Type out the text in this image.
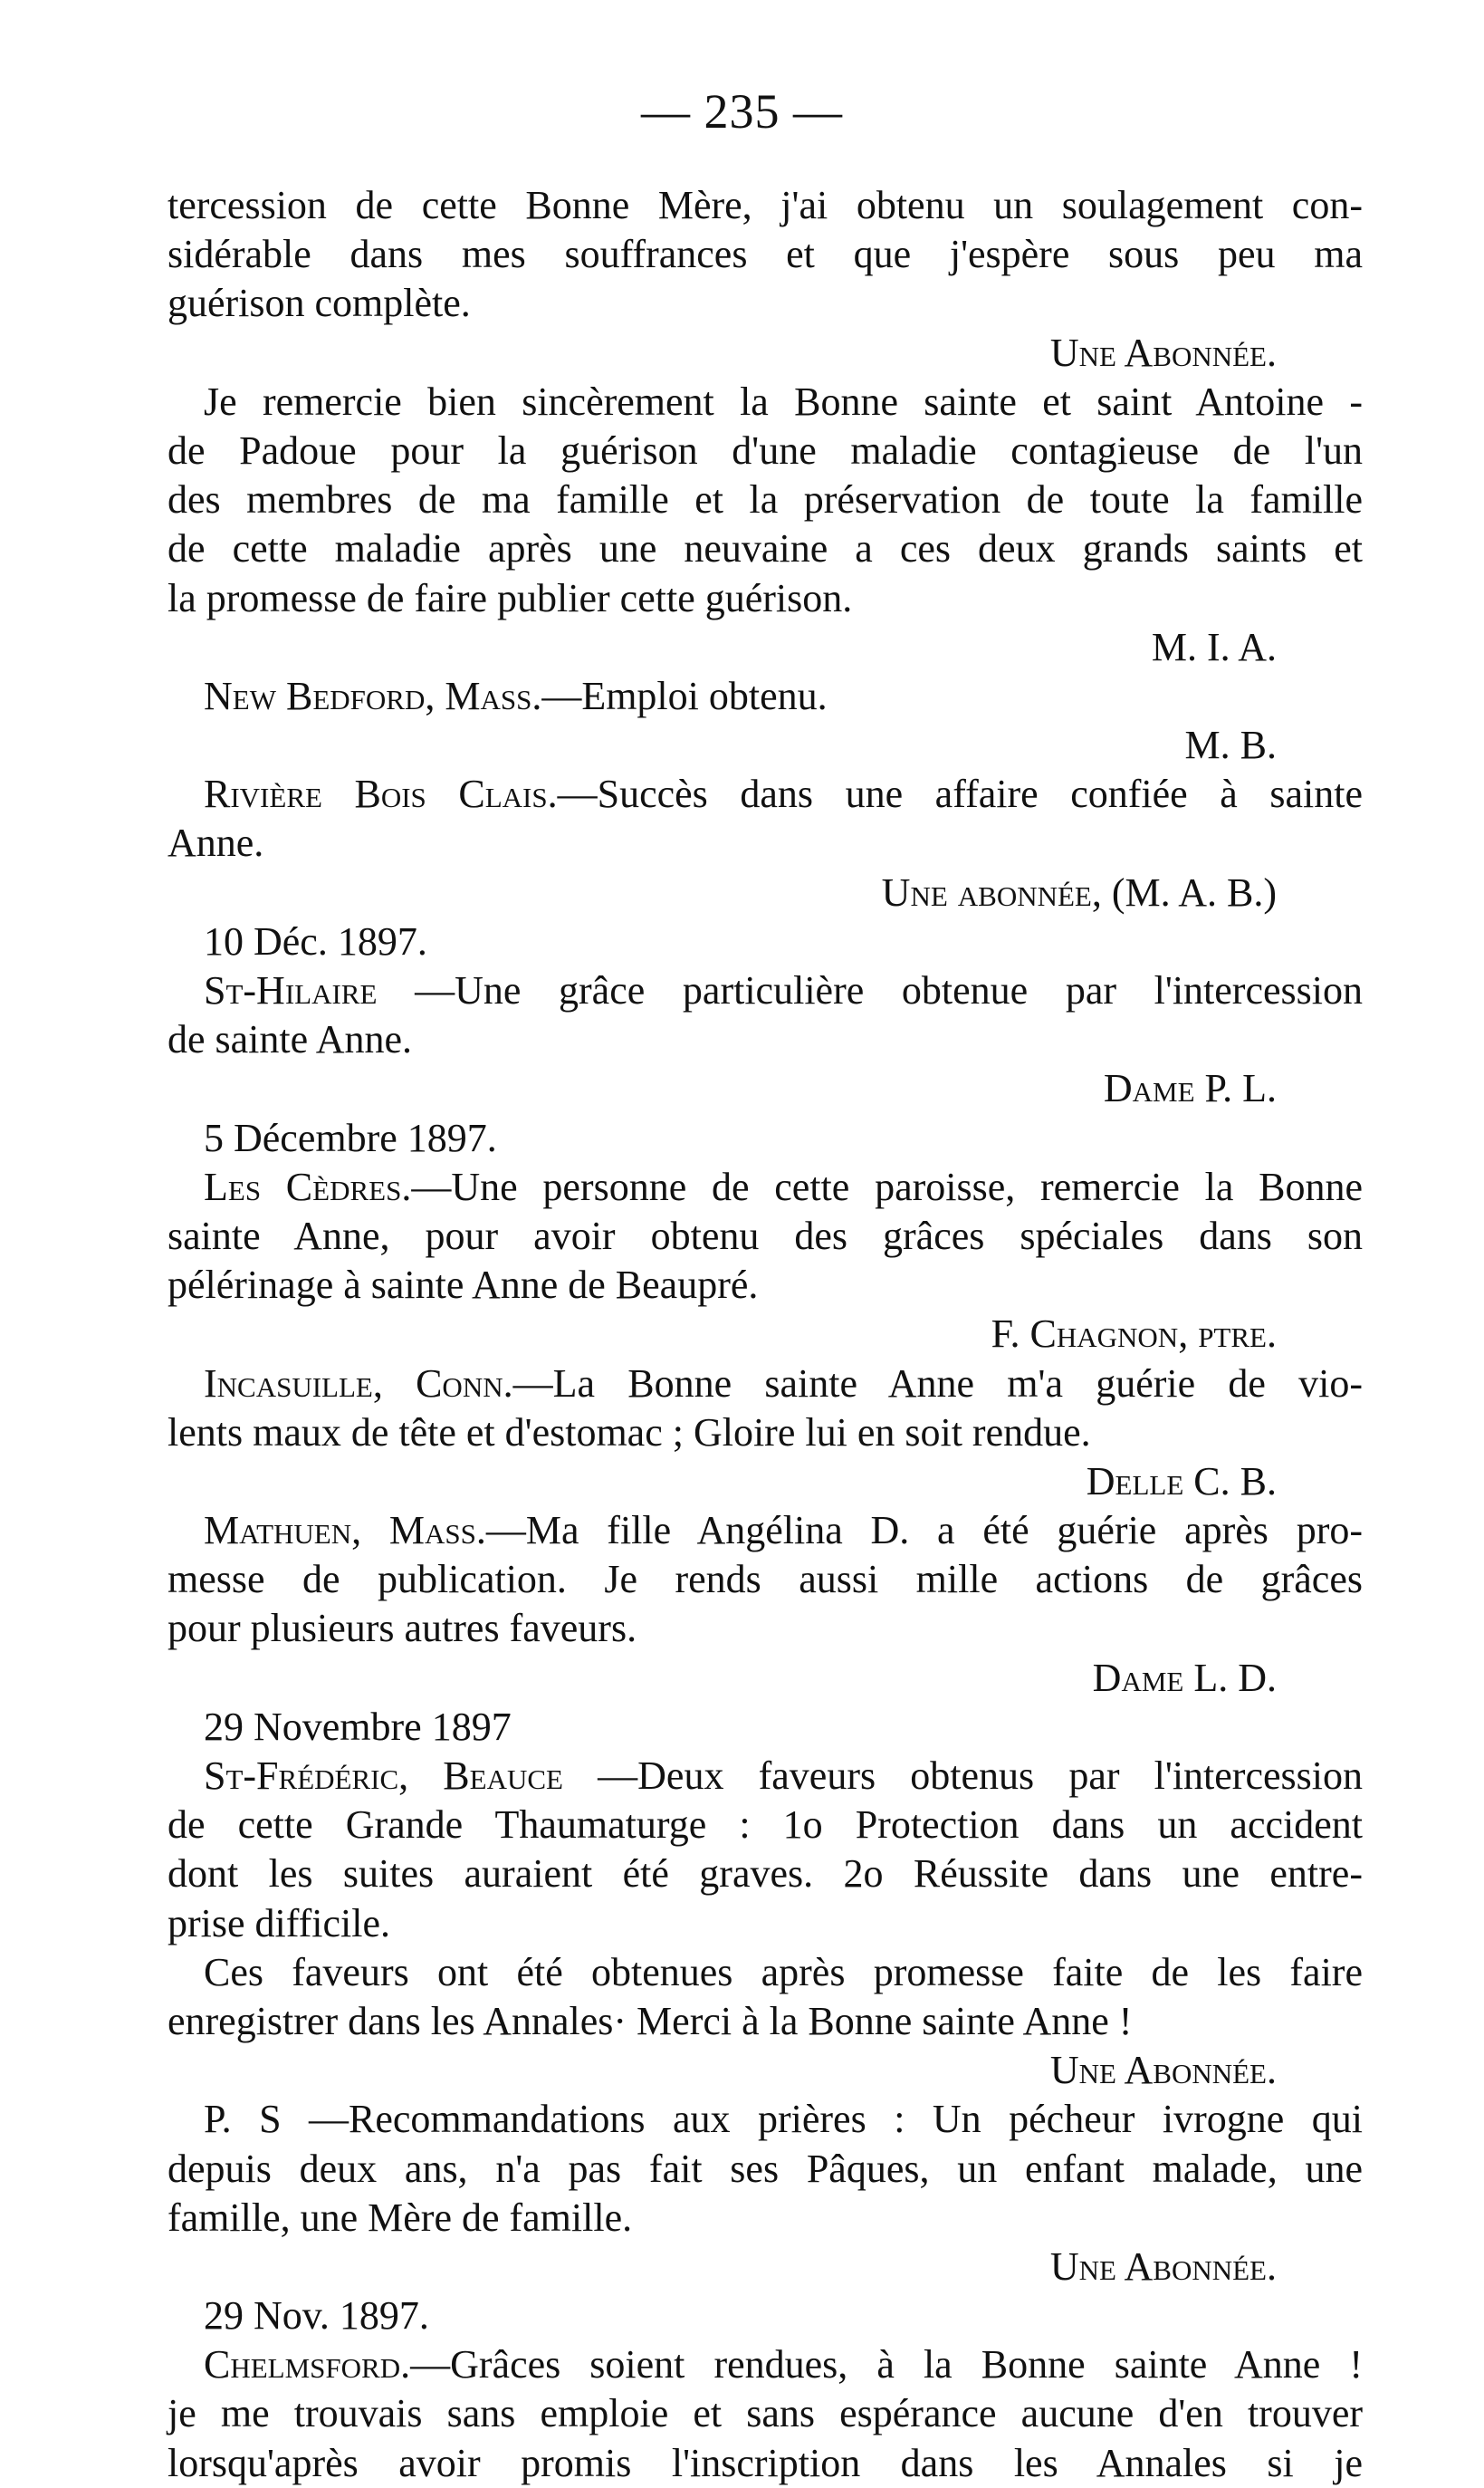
— 235 —
tercession de cette Bonne Mère, j'ai obtenu un soulagement con-
sidérable dans mes souffrances et que j'espère sous peu ma
guérison complète.
Une Abonnée.
Je remercie bien sincèrement la Bonne sainte et saint Antoine -
de Padoue pour la guérison d'une maladie contagieuse de l'un
des membres de ma famille et la préservation de toute la famille
de cette maladie après une neuvaine a ces deux grands saints et
la promesse de faire publier cette guérison.
M. I. A.
New Bedford, Mass.—Emploi obtenu.
M. B.
Rivière Bois Clais.—Succès dans une affaire confiée à sainte
Anne.
Une abonnée, (M. A. B.)
10 Déc. 1897.
St-Hilaire —Une grâce particulière obtenue par l'intercession
de sainte Anne.
Dame P. L.
5 Décembre 1897.
Les Cèdres.—Une personne de cette paroisse, remercie la Bonne
sainte Anne, pour avoir obtenu des grâces spéciales dans son
pélérinage à sainte Anne de Beaupré.
F. Chagnon, ptre.
Incasuille, Conn.—La Bonne sainte Anne m'a guérie de vio-
lents maux de tête et d'estomac ; Gloire lui en soit rendue.
Delle C. B.
Mathuen, Mass.—Ma fille Angélina D. a été guérie après pro-
messe de publication. Je rends aussi mille actions de grâces
pour plusieurs autres faveurs.
Dame L. D.
29 Novembre 1897
St-Frédéric, Beauce —Deux faveurs obtenus par l'intercession
de cette Grande Thaumaturge : 1o Protection dans un accident
dont les suites auraient été graves. 2o Réussite dans une entre-
prise difficile.
Ces faveurs ont été obtenues après promesse faite de les faire
enregistrer dans les Annales· Merci à la Bonne sainte Anne !
Une Abonnée.
P. S —Recommandations aux prières : Un pécheur ivrogne qui
depuis deux ans, n'a pas fait ses Pâques, un enfant malade, une
famille, une Mère de famille.
Une Abonnée.
29 Nov. 1897.
Chelmsford.—Grâces soient rendues, à la Bonne sainte Anne !
je me trouvais sans emploie et sans espérance aucune d'en trouver
lorsqu'après avoir promis l'inscription dans les Annales si je
